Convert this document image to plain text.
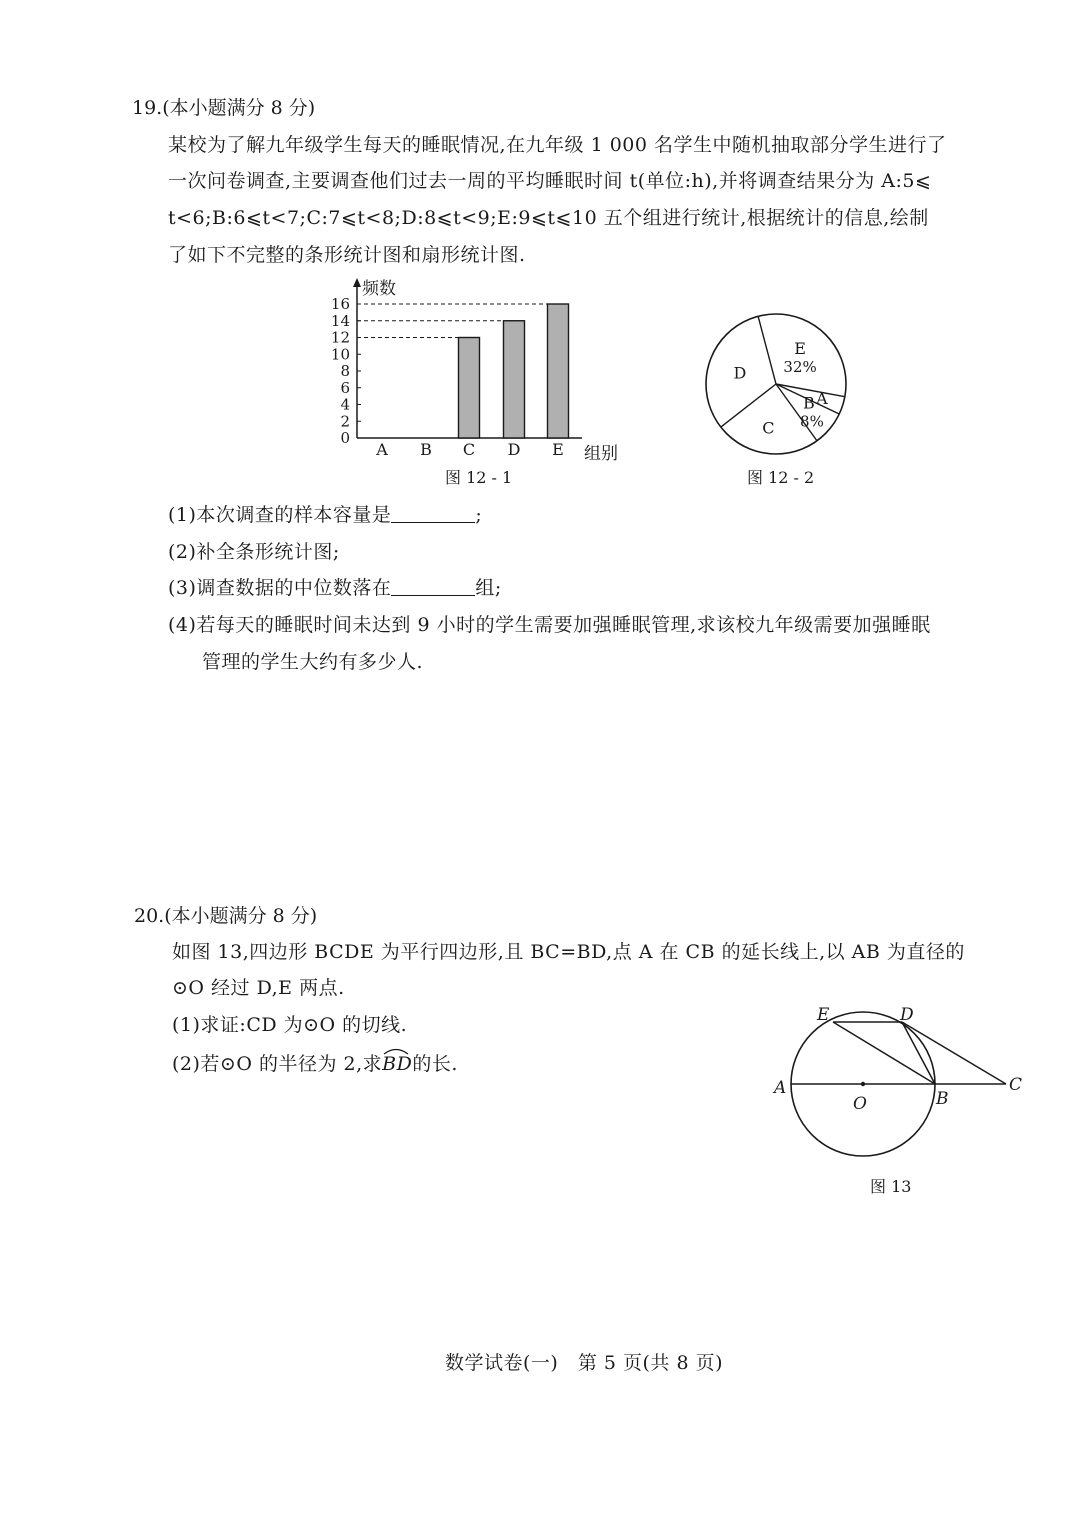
19.(本小题满分 8 分)
某校为了解九年级学生每天的睡眠情况,在九年级 1 000 名学生中随机抽取部分学生进行了
一次问卷调查,主要调查他们过去一周的平均睡眠时间 t(单位:h),并将调查结果分为 A:5⩽
t<6;B:6⩽t<7;C:7⩽t<8;D:8⩽t<9;E:9⩽t⩽10 五个组进行统计,根据统计的信息,绘制
了如下不完整的条形统计图和扇形统计图.
频数
组别
0
2
4
6
8
10
12
14
16
A B C D E
图 12 - 1
E
32%
A
B
8%
C
D
图 12 - 2
(1)本次调查的样本容量是	;
(2)补全条形统计图;
(3)调查数据的中位数落在	组;
(4)若每天的睡眠时间未达到 9 小时的学生需要加强睡眠管理,求该校九年级需要加强睡眠
管理的学生大约有多少人.
20.(本小题满分 8 分)
如图 13,四边形 BCDE 为平行四边形,且 BC=BD,点 A 在 CB 的延长线上,以 AB 为直径的
⊙O 经过 D,E 两点.
(1)求证:CD 为⊙O 的切线.
(2)若⊙O 的半径为 2,求BD
的长.
E	D
A
O	B
C
图 13
数学试卷(一)　第 5 页(共 8 页)
